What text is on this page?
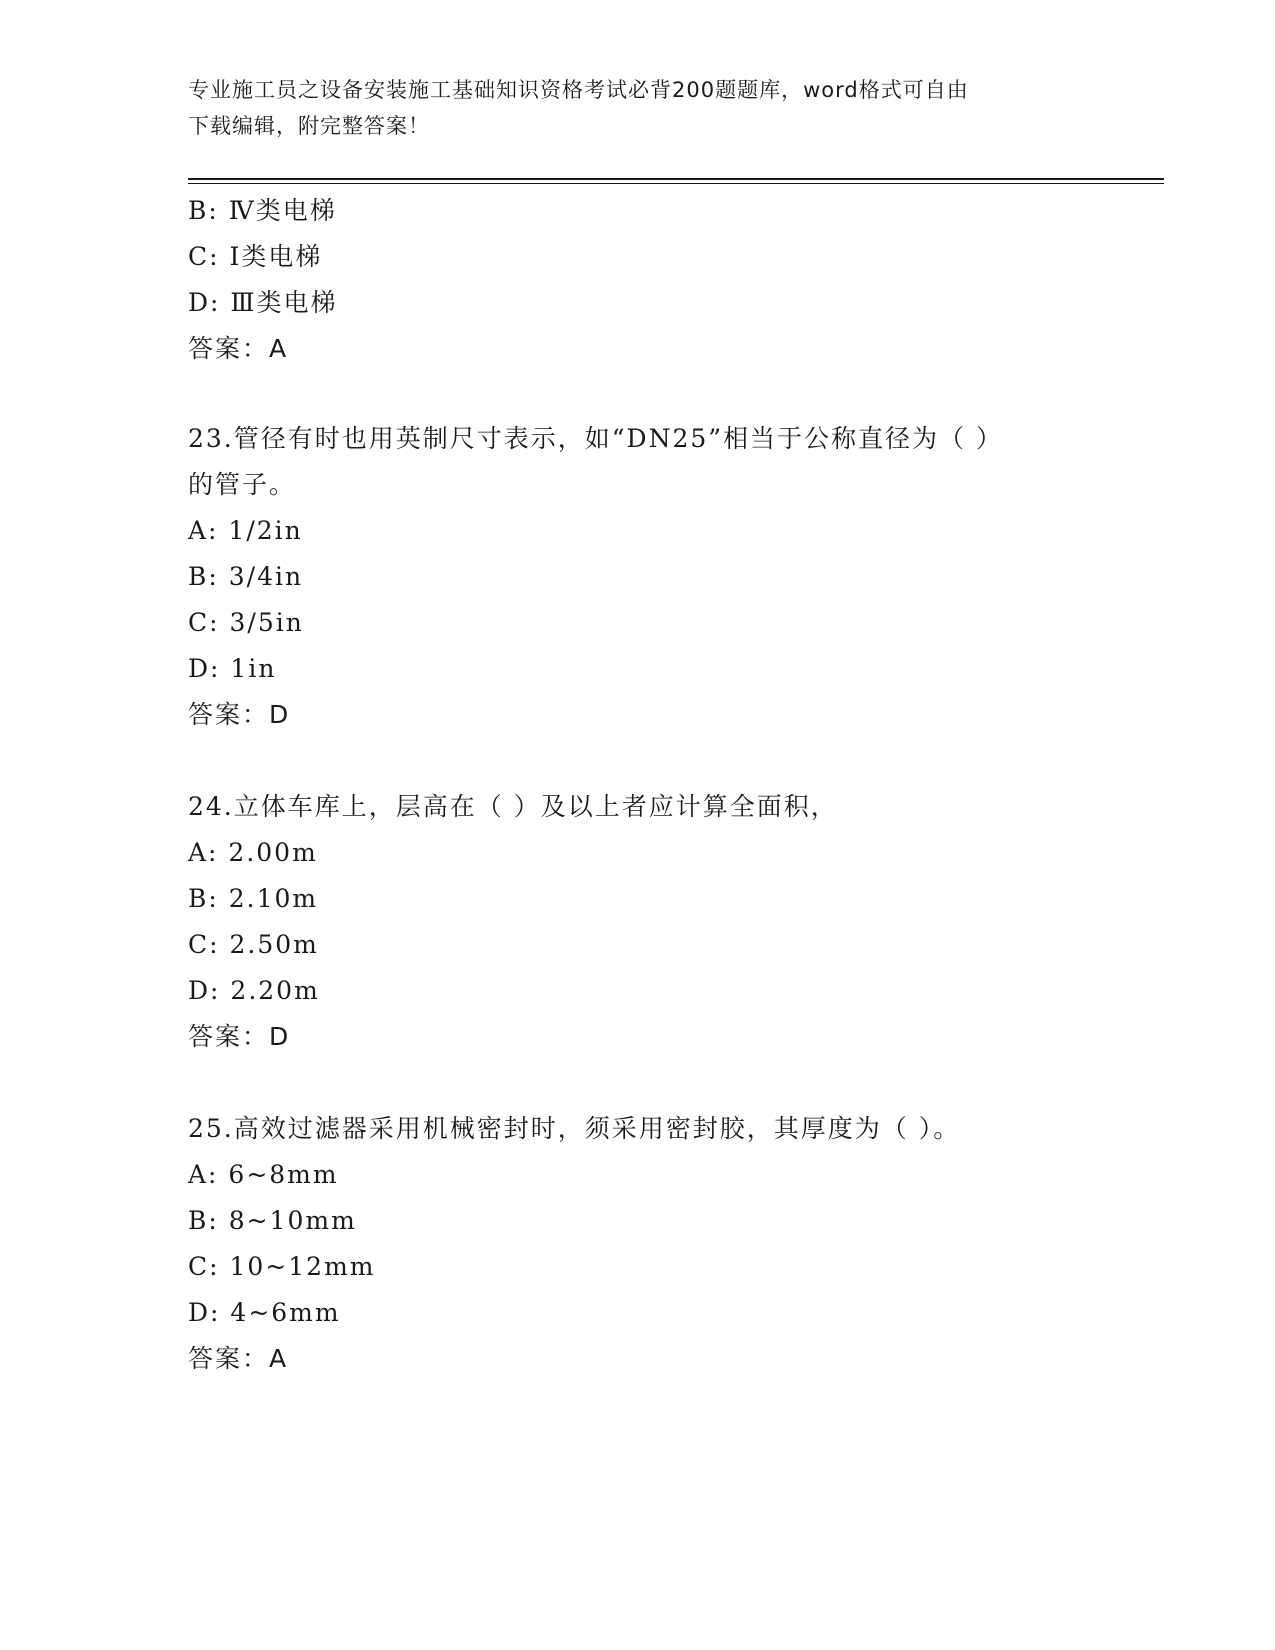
专业施工员之设备安装施工基础知识资格考试必背200题题库，word格式可自由
下载编辑，附完整答案！
B: Ⅳ类电梯
C: Ⅰ类电梯
D: Ⅲ类电梯
答案：A
23.管径有时也用英制尺寸表示，如“DN25”相当于公称直径为（ ）
的管子。
A: 1/2in
B: 3/4in
C: 3/5in
D: 1in
答案：D
24.立体车库上，层高在（ ）及以上者应计算全面积，
A: 2.00m
B: 2.10m
C: 2.50m
D: 2.20m
答案：D
25.高效过滤器采用机械密封时，须采用密封胶，其厚度为（ ）。
A: 6~8mm
B: 8~10mm
C: 10~12mm
D: 4~6mm
答案：A
